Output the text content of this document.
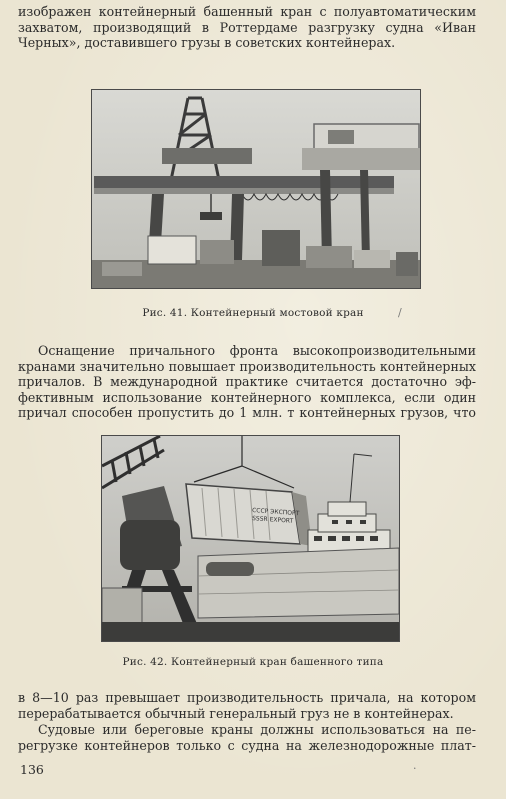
изображен контейнерный башенный кран с полуавтоматическим
захватом, производящий в Роттердаме разгрузку судна «Иван
Черных», доставившего грузы в советских контейнерах.

Рис. 41. Контейнерный мостовой кран	/

Оснащение причального фронта высокопроизводительными
кранами значительно повышает производительность контейнерных
причалов. В международной практике считается достаточно эф-
фективным использование контейнерного комплекса, если один
причал способен пропустить до 1 млн. т контейнерных грузов, что

СССР ЭКСПОРТ
SSSR EXPORT
Рис. 42. Контейнерный кран башенного типа

в 8—10 раз превышает производительность причала, на котором
перерабатывается обычный генеральный груз не в контейнерах.

Судовые или береговые краны должны использоваться на пе-
регрузке контейнеров только с судна на железнодорожные плат-

136	·
